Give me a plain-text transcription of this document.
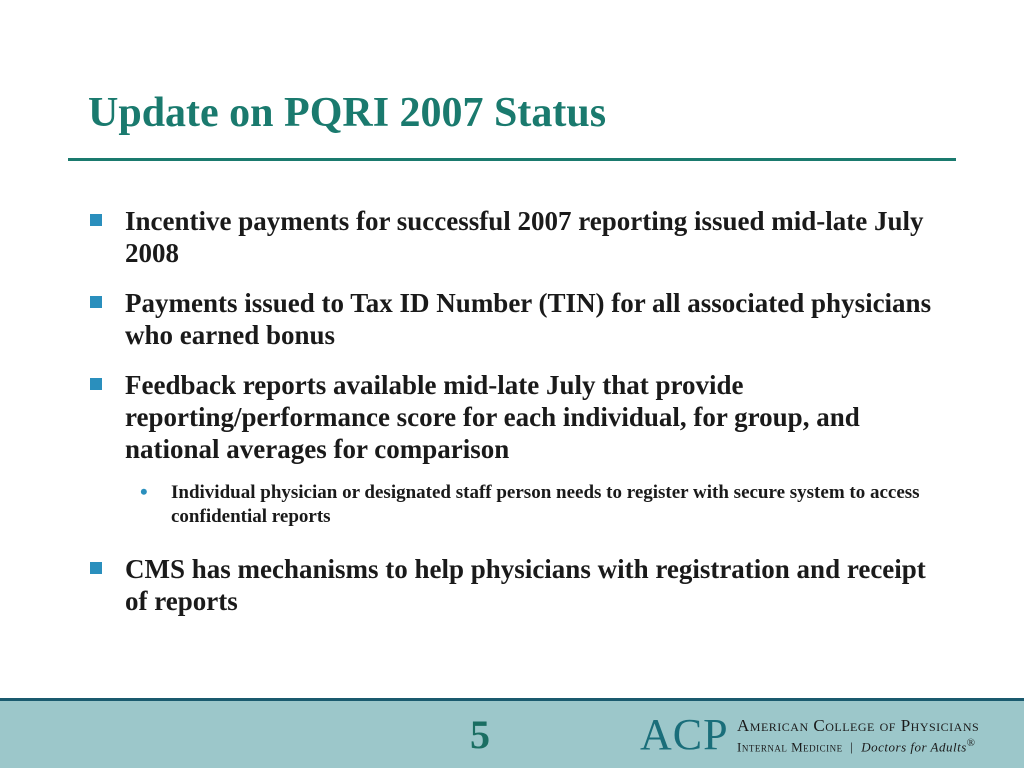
Update on PQRI 2007 Status
Incentive payments for successful 2007 reporting issued mid-late July 2008
Payments issued to Tax ID Number (TIN) for all associated physicians who earned bonus
Feedback reports available mid-late July that provide reporting/performance score for each individual, for group, and national averages for comparison
•	Individual physician or designated staff person needs to register with secure system to access confidential reports
CMS has mechanisms to help physicians with registration and receipt of reports
5	ACP American College of Physicians
Internal Medicine | Doctors for Adults®
